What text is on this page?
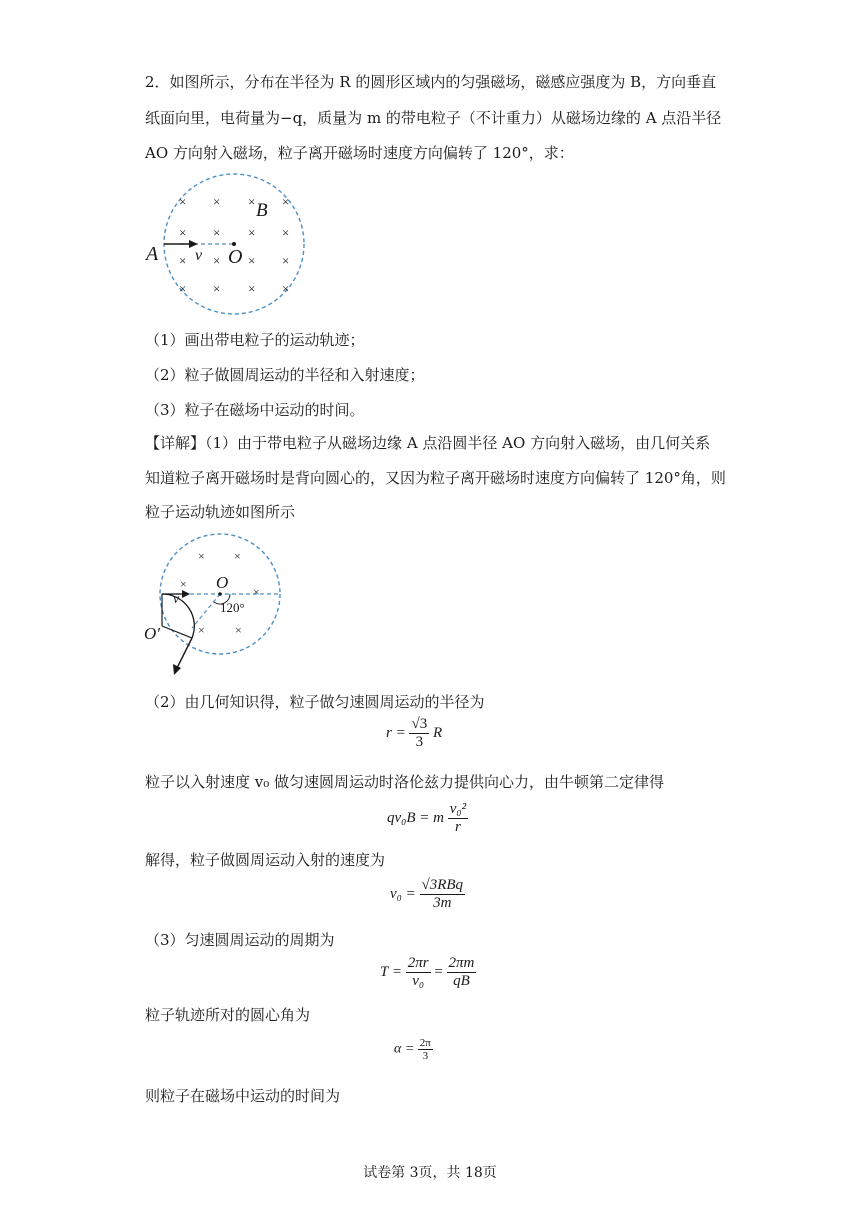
2．如图所示，分布在半径为 R 的圆形区域内的匀强磁场，磁感应强度为 B，方向垂直
纸面向里，电荷量为−q，质量为 m 的带电粒子（不计重力）从磁场边缘的 A 点沿半径
AO 方向射入磁场，粒子离开磁场时速度方向偏转了 120°，求：
× × × ×
× × × ×
× × × ×
× × × ×
B
A v O
（1）画出带电粒子的运动轨迹；
（2）粒子做圆周运动的半径和入射速度；
（3）粒子在磁场中运动的时间。
【详解】（1）由于带电粒子从磁场边缘 A 点沿圆半径 AO 方向射入磁场，由几何关系
知道粒子离开磁场时是背向圆心的，又因为粒子离开磁场时速度方向偏转了 120°角，则
粒子运动轨迹如图所示
× ×
×
×
×	×
O
O′
v
120°
（2）由几何知识得，粒子做匀速圆周运动的半径为
$r = \frac{√3}{3}$ R
粒子以入射速度 v₀ 做匀速圆周运动时洛伦兹力提供向心力，由牛顿第二定律得
qv₀B = m $\frac{\text{v₀²}}{r}$
解得，粒子做圆周运动入射的速度为
$v_0 = \frac{\text{√3RBq}}{3m}$
（3）匀速圆周运动的周期为
$T = \frac{2\pi r}{\text{v₀}} = \frac{2\pi m}{qB}$
粒子轨迹所对的圆心角为
$\alpha = \frac{2\pi}{3}$
则粒子在磁场中运动的时间为
试卷第 3页，共 18页
